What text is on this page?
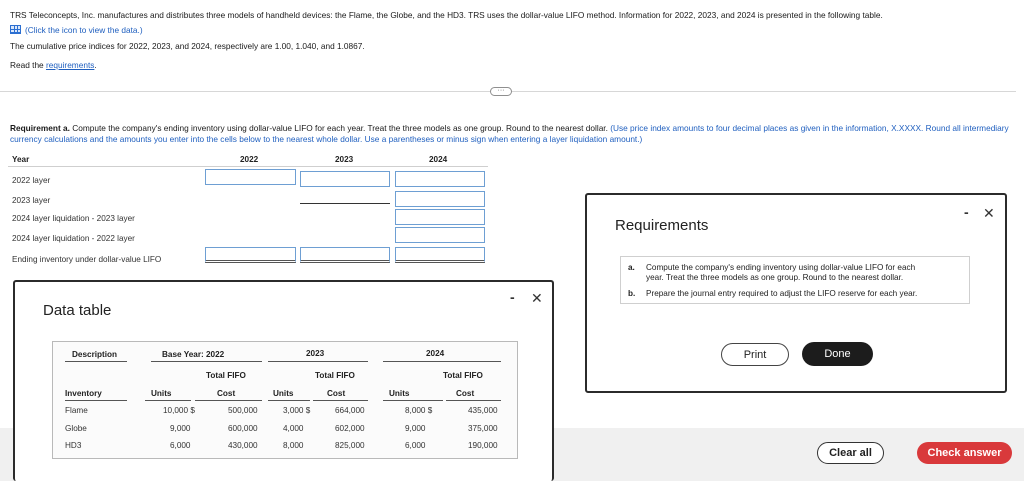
TRS Teleconcepts, Inc. manufactures and distributes three models of handheld devices: the Flame, the Globe, and the HD3. TRS uses the dollar-value LIFO method. Information for 2022, 2023, and 2024 is presented in the following table.
(Click the icon to view the data.)
The cumulative price indices for 2022, 2023, and 2024, respectively are 1.00, 1.040, and 1.0867.
Read the requirements.
···
Requirement a. Compute the company's ending inventory using dollar-value LIFO for each year. Treat the three models as one group. Round to the nearest dollar. (Use price index amounts to four decimal places as given in the information, X.XXXX. Round all intermediary currency calculations and the amounts you enter into the cells below to the nearest whole dollar. Use a parentheses or minus sign when entering a layer liquidation amount.)
Year	2022	2023	2024
2022 layer
2023 layer
2024 layer liquidation - 2023 layer
2024 layer liquidation - 2022 layer
Ending inventory under dollar-value LIFO
Clear all	Check answer
Data table
- ✕
Description	Base Year: 2022	2023	2024
Total FIFO	Total FIFO	Total FIFO
Inventory	Units	Cost	Units	Cost	Units	Cost
Flame	10,000 $	500,000	3,000 $	664,000	8,000 $	435,000
Globe	9,000	600,000	4,000	602,000	9,000	375,000
HD3	6,000	430,000	8,000	825,000	6,000	190,000
Requirements
- ✕
a. Compute the company's ending inventory using dollar-value LIFO for each
year. Treat the three models as one group. Round to the nearest dollar.
b. Prepare the journal entry required to adjust the LIFO reserve for each year.
Print	Done
